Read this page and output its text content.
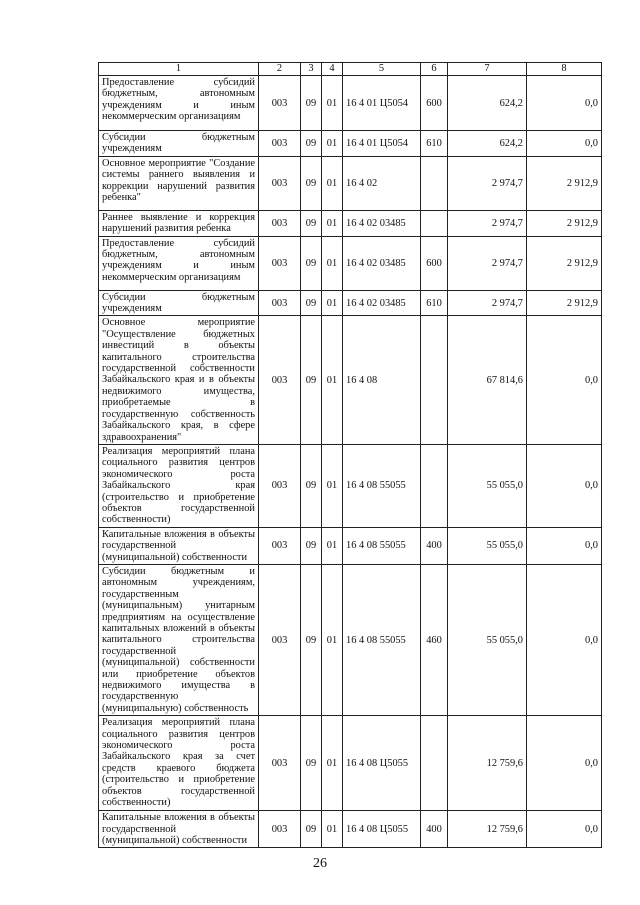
1	2	3	4	5	6	7	8
Предоставление субсидий бюджетным, автономным учреждениям и иным некоммерческим организациям	003	09	01	16 4 01 Ц5054	600	624,2	0,0
Субсидии бюджетным учреждениям	003	09	01	16 4 01 Ц5054	610	624,2	0,0
Основное мероприятие "Создание системы раннего выявления и коррекции нарушений развития ребенка"	003	09	01	16 4 02		2 974,7	2 912,9
Раннее выявление и коррекция нарушений развития ребенка	003	09	01	16 4 02 03485		2 974,7	2 912,9
Предоставление субсидий бюджетным, автономным учреждениям и иным некоммерческим организациям	003	09	01	16 4 02 03485	600	2 974,7	2 912,9
Субсидии бюджетным учреждениям	003	09	01	16 4 02 03485	610	2 974,7	2 912,9
Основное мероприятие "Осуществление бюджетных инвестиций в объекты капитального строительства государственной собственности Забайкальского края и в объекты недвижимого имущества, приобретаемые в государственную собственность Забайкальского края, в сфере здравоохранения"	003	09	01	16 4 08		67 814,6	0,0
Реализация мероприятий плана социального развития центров экономического роста Забайкальского края (строительство и приобретение объектов государственной собственности)	003	09	01	16 4 08 55055		55 055,0	0,0
Капитальные вложения в объекты государственной (муниципальной) собственности	003	09	01	16 4 08 55055	400	55 055,0	0,0
Субсидии бюджетным и автономным учреждениям, государственным (муниципальным) унитарным предприятиям на осуществление капитальных вложений в объекты капитального строительства государственной (муниципальной) собственности или приобретение объектов недвижимого имущества в государственную (муниципальную) собственность	003	09	01	16 4 08 55055	460	55 055,0	0,0
Реализация мероприятий плана социального развития центров экономического роста Забайкальского края за счет средств краевого бюджета (строительство и приобретение объектов государственной собственности)	003	09	01	16 4 08 Ц5055		12 759,6	0,0
Капитальные вложения в объекты государственной (муниципальной) собственности	003	09	01	16 4 08 Ц5055	400	12 759,6	0,0
26
